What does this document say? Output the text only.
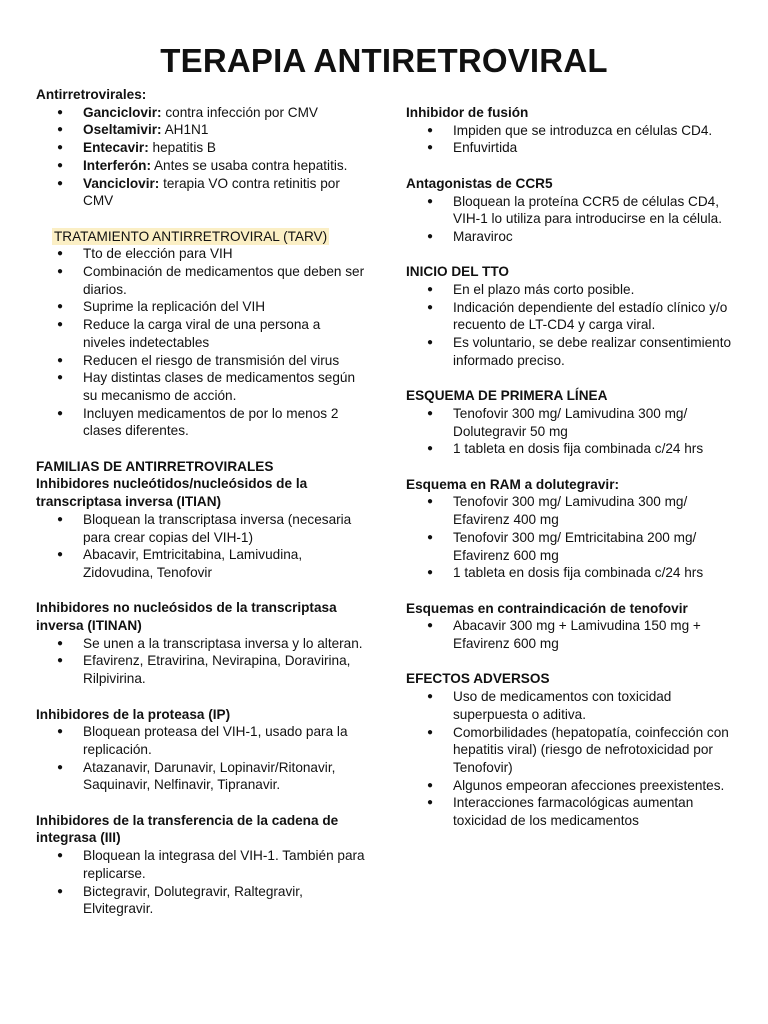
TERAPIA ANTIRETROVIRAL
Antirretrovirales:
● Ganciclovir: contra infección por CMV
● Oseltamivir: AH1N1
● Entecavir: hepatitis B
● Interferón: Antes se usaba contra hepatitis.
● Vanciclovir: terapia VO contra retinitis por CMV
TRATAMIENTO ANTIRRETROVIRAL (TARV)
● Tto de elección para VIH
● Combinación de medicamentos que deben ser diarios.
● Suprime la replicación del VIH
● Reduce la carga viral de una persona a niveles indetectables
● Reducen el riesgo de transmisión del virus
● Hay distintas clases de medicamentos según su mecanismo de acción.
● Incluyen medicamentos de por lo menos 2 clases diferentes.
FAMILIAS DE ANTIRRETROVIRALES
Inhibidores nucleótidos/nucleósidos de la transcriptasa inversa (ITIAN)
● Bloquean la transcriptasa inversa (necesaria para crear copias del VIH-1)
● Abacavir, Emtricitabina, Lamivudina, Zidovudina, Tenofovir
Inhibidores no nucleósidos de la transcriptasa inversa (ITINAN)
● Se unen a la transcriptasa inversa y lo alteran.
● Efavirenz, Etravirina, Nevirapina, Doravirina, Rilpivirina.
Inhibidores de la proteasa (IP)
● Bloquean proteasa del VIH-1, usado para la replicación.
● Atazanavir, Darunavir, Lopinavir/Ritonavir, Saquinavir, Nelfinavir, Tipranavir.
Inhibidores de la transferencia de la cadena de integrasa (III)
● Bloquean la integrasa del VIH-1. También para replicarse.
● Bictegravir, Dolutegravir, Raltegravir, Elvitegravir.
Inhibidor de fusión
● Impiden que se introduzca en células CD4.
● Enfuvirtida
Antagonistas de CCR5
● Bloquean la proteína CCR5 de células CD4, VIH-1 lo utiliza para introducirse en la célula.
● Maraviroc
INICIO DEL TTO
● En el plazo más corto posible.
● Indicación dependiente del estadío clínico y/o recuento de LT-CD4 y carga viral.
● Es voluntario, se debe realizar consentimiento informado preciso.
ESQUEMA DE PRIMERA LÍNEA
● Tenofovir 300 mg/ Lamivudina 300 mg/ Dolutegravir 50 mg
● 1 tableta en dosis fija combinada c/24 hrs
Esquema en RAM a dolutegravir:
● Tenofovir 300 mg/ Lamivudina 300 mg/ Efavirenz 400 mg
● Tenofovir 300 mg/ Emtricitabina 200 mg/ Efavirenz 600 mg
● 1 tableta en dosis fija combinada c/24 hrs
Esquemas en contraindicación de tenofovir
● Abacavir 300 mg + Lamivudina 150 mg + Efavirenz 600 mg
EFECTOS ADVERSOS
● Uso de medicamentos con toxicidad superpuesta o aditiva.
● Comorbilidades (hepatopatía, coinfección con hepatitis viral) (riesgo de nefrotoxicidad por Tenofovir)
● Algunos empeoran afecciones preexistentes.
● Interacciones farmacológicas aumentan toxicidad de los medicamentos
